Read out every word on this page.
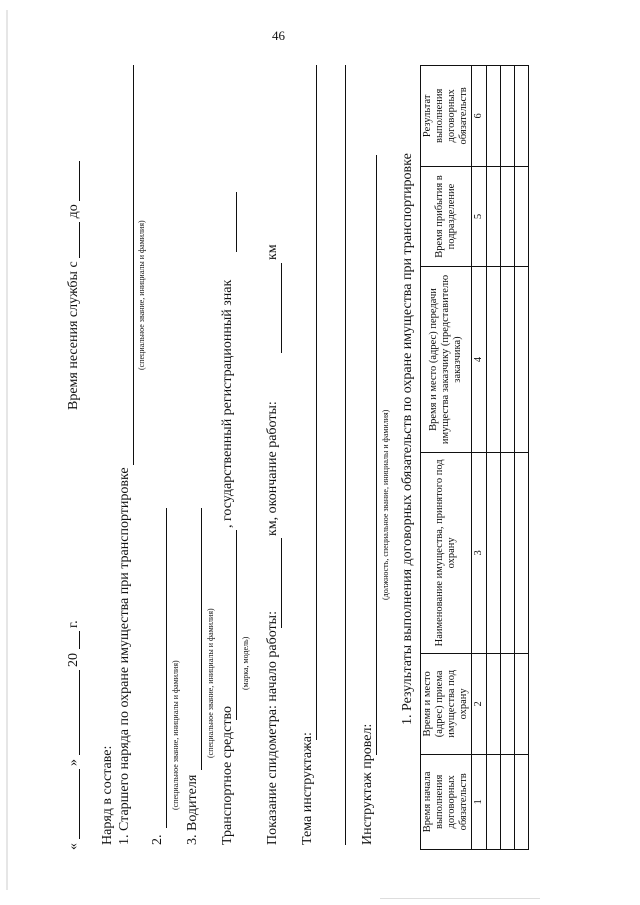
46
«  »  20  г.
Время несения службы с  до
Наряд в составе: 1. Старшего наряда по охране имущества при транспортировке
(специальное звание, инициалы и фамилия)
2.
(специальное звание, инициалы и фамилия) 3. Водителя
(специальное звание, инициалы и фамилия)
Транспортное средство
, государственный регистрационный знак
(марка, модель) Показание спидометра: начало работы:
км, окончание работы:
км
Тема инструктажа:	Инструктаж провел:
(должность, специальное звание, инициалы и фамилия) 1. Результаты выполнения договорных обязательств по охране имущества при транспортировке
Время начала выполнения договорных обязательств	Время и место (адрес) приема имущества под охрану	Наименование имущества, принятого под охрану	Время и место (адрес) передачи имущества заказчику (представителю заказчика)	Время прибытия в подразделение	Результат выполнения договорных обязательств
1	2	3	4	5	6
